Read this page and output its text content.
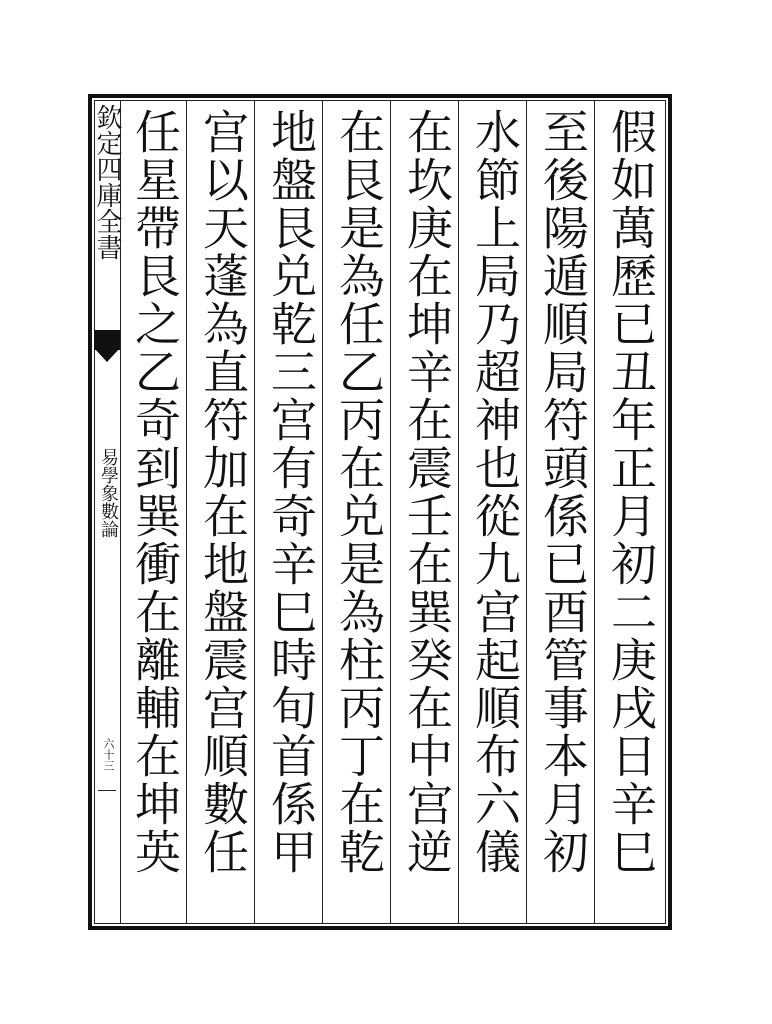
欽定四庫全書
易學象數論
六十三
假如萬歷已丑年正月初二庚戌日辛巳
至後陽遁順局符頭係已酉管事本月初
水節上局乃超神也從九宫起順布六儀
在坎庚在坤辛在震壬在巽癸在中宫逆
在艮是為任乙丙在兑是為柱丙丁在乾
地盤艮兑乾三宫有奇辛巳時旬首係甲
宫以天蓬為直符加在地盤震宫順數任
任星帶艮之乙奇到巽衝在離輔在坤英
